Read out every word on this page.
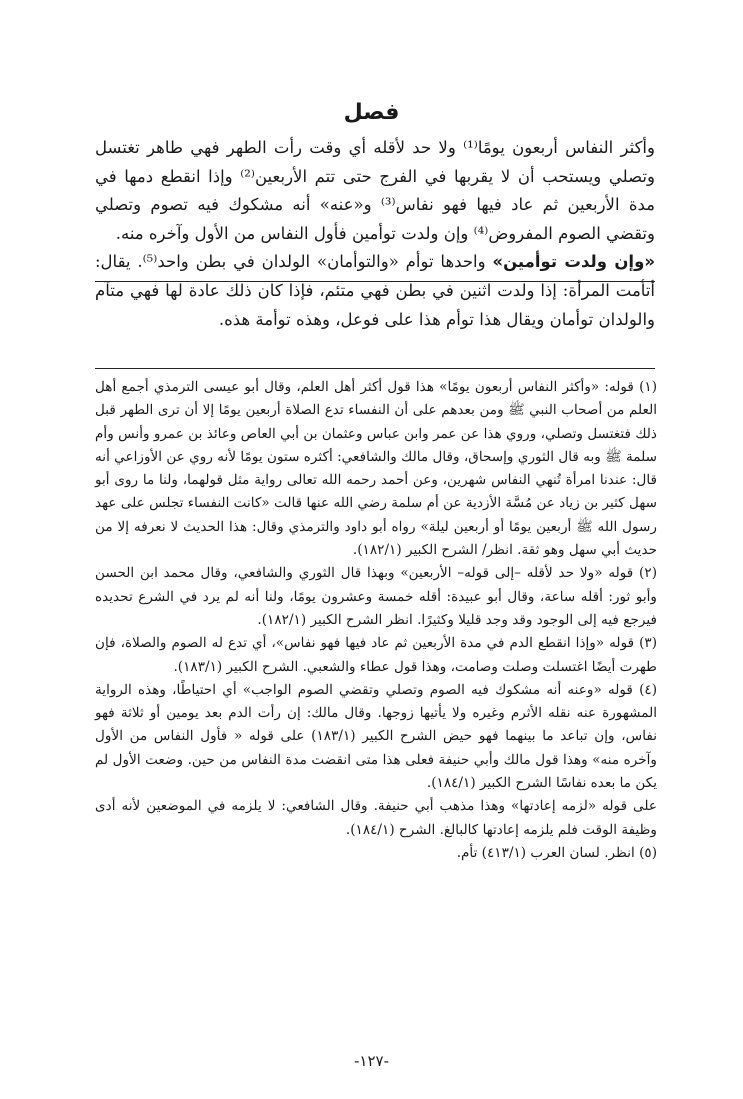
فصل

وأكثر النفاس أربعون يومًا⁽¹⁾ ولا حد لأقله أي وقت رأت الطهر فهي طاهر تغتسل وتصلي ويستحب أن لا يقربها في الفرج حتى تتم الأربعين⁽²⁾ وإذا انقطع دمها في مدة الأربعين ثم عاد فيها فهو نفاس⁽³⁾ و«عنه» أنه مشكوك فيه تصوم وتصلي وتقضي الصوم المفروض⁽⁴⁾ وإن ولدت توأمين فأول النفاس من الأول وآخره منه.

«وإن ولدت توأمين» واحدها توأم «والتوأمان» الولدان في بطن واحد⁽⁵⁾. يقال: أتأمت المرأة: إذا ولدت اثنين في بطن فهي متئم، فإذا كان ذلك عادة لها فهي متآم والولدان توأمان ويقال هذا توأم هذا على فوعل، وهذه توأمة هذه.

(١) قوله: «وأكثر النفاس أربعون يومًا» هذا قول أكثر أهل العلم، وقال أبو عيسى الترمذي أجمع أهل العلم من أصحاب النبي ﷺ ومن بعدهم على أن النفساء تدع الصلاة أربعين يومًا إلا أن ترى الطهر قبل ذلك فتغتسل وتصلي، وروي هذا عن عمر وابن عباس وعثمان بن أبي العاص وعائذ بن عمرو وأنس وأم سلمة ﷺ وبه قال الثوري وإسحاق، وقال مالك والشافعي: أكثره ستون يومًا لأنه روي عن الأوزاعي أنه قال: عندنا امرأة تُنهي النفاس شهرين، وعن أحمد رحمه الله تعالى رواية مثل قولهما، ولنا ما روى أبو سهل كثير بن زياد عن مُسَّة الأزدية عن أم سلمة رضي الله عنها قالت «كانت النفساء تجلس على عهد رسول الله ﷺ أربعين يومًا أو أربعين ليلة» رواه أبو داود والترمذي وقال: هذا الحديث لا نعرفه إلا من حديث أبي سهل وهو ثقة. انظر/ الشرح الكبير (١٨٢/١).

(٢) قوله «ولا حد لأقله –إلى قوله– الأربعين» وبهذا قال الثوري والشافعي، وقال محمد ابن الحسن وأبو ثور: أقله ساعة، وقال أبو عبيدة: أقله خمسة وعشرون يومًا، ولنا أنه لم يرد في الشرع تحديده فيرجع فيه إلى الوجود وقد وجد قليلا وكثيرًا. انظر الشرح الكبير (١٨٢/١).

(٣) قوله «وإذا انقطع الدم في مدة الأربعين ثم عاد فيها فهو نفاس»، أي تدع له الصوم والصلاة، فإن طهرت أيضًا اغتسلت وصلت وصامت، وهذا قول عطاء والشعبي. الشرح الكبير (١٨٣/١).

(٤) قوله «وعنه أنه مشكوك فيه الصوم وتصلي وتقضي الصوم الواجب» أي احتياطًا، وهذه الرواية المشهورة عنه نقله الأثرم وغيره ولا يأتيها زوجها. وقال مالك: إن رأت الدم بعد يومين أو ثلاثة فهو نفاس، وإن تباعد ما بينهما فهو حيض الشرح الكبير (١٨٣/١) على قوله « فأول النفاس من الأول وآخره منه» وهذا قول مالك وأبي حنيفة فعلى هذا متى انقضت مدة النفاس من حين. وضعت الأول لم يكن ما بعده نفاسًا الشرح الكبير (١٨٤/١).

على قوله «لزمه إعادتها» وهذا مذهب أبي حنيفة. وقال الشافعي: لا يلزمه في الموضعين لأنه أدى وظيفة الوقت فلم يلزمه إعادتها كالبالغ. الشرح (١٨٤/١).

(٥) انظر. لسان العرب (٤١٣/١) تأم.

-١٢٧-
